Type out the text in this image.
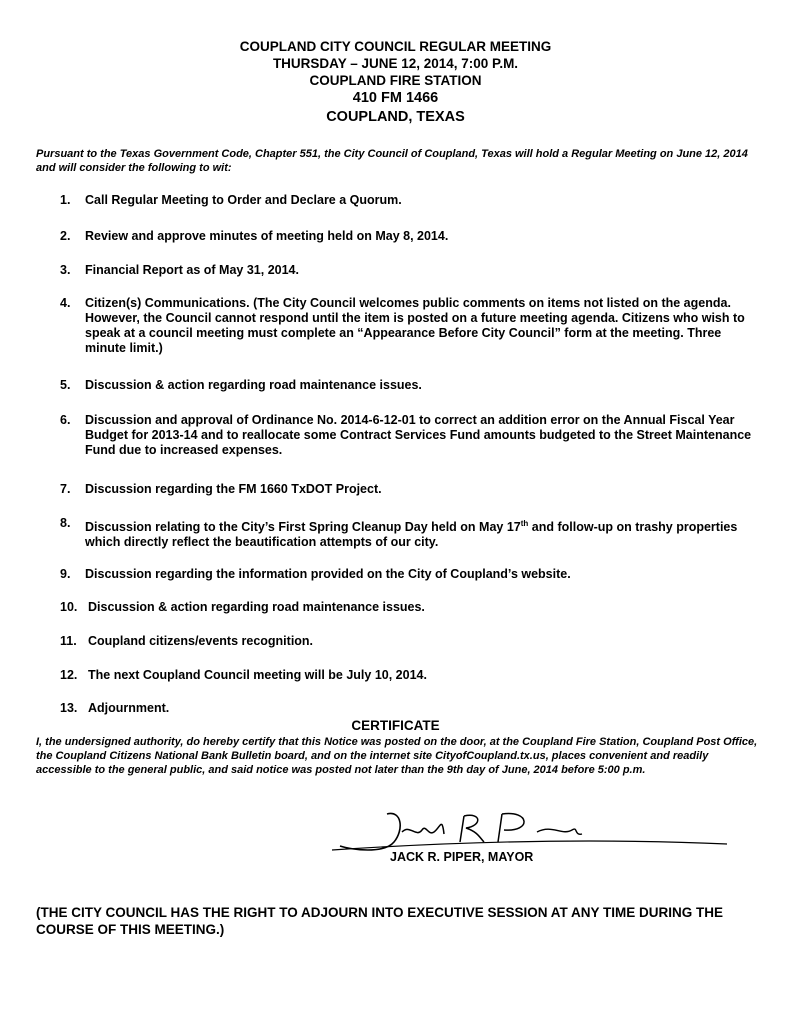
COUPLAND CITY COUNCIL REGULAR MEETING
THURSDAY – JUNE 12, 2014, 7:00 P.M.
COUPLAND FIRE STATION
410 FM 1466
COUPLAND, TEXAS
Pursuant to the Texas Government Code, Chapter 551, the City Council of Coupland, Texas will hold a Regular Meeting on June 12, 2014 and will consider the following to wit:
1.	Call Regular Meeting to Order and Declare a Quorum.
2.	Review and approve minutes of meeting held on May 8, 2014.
3.	Financial Report as of May 31, 2014.
4.	Citizen(s) Communications. (The City Council welcomes public comments on items not listed on the agenda. However, the Council cannot respond until the item is posted on a future meeting agenda. Citizens who wish to speak at a council meeting must complete an “Appearance Before City Council” form at the meeting. Three minute limit.)
5.	Discussion & action regarding road maintenance issues.
6.	Discussion and approval of Ordinance No. 2014-6-12-01 to correct an addition error on the Annual Fiscal Year Budget for 2013-14 and to reallocate some Contract Services Fund amounts budgeted to the Street Maintenance Fund due to increased expenses.
7.	Discussion regarding the FM 1660 TxDOT Project.
8.	Discussion relating to the City’s First Spring Cleanup Day held on May 17th and follow-up on trashy properties which directly reflect the beautification attempts of our city.
9.	Discussion regarding the information provided on the City of Coupland’s website.
10. Discussion & action regarding road maintenance issues.
11. Coupland citizens/events recognition.
12. The next Coupland Council meeting will be July 10, 2014.
13. Adjournment.
CERTIFICATE
I, the undersigned authority, do hereby certify that this Notice was posted on the door, at the Coupland Fire Station, Coupland Post Office, the Coupland Citizens National Bank Bulletin board, and on the internet site CityofCoupland.tx.us, places convenient and readily accessible to the general public, and said notice was posted not later than the 9th day of June, 2014 before 5:00 p.m.
JACK R. PIPER, MAYOR
(THE CITY COUNCIL HAS THE RIGHT TO ADJOURN INTO EXECUTIVE SESSION AT ANY TIME DURING THE COURSE OF THIS MEETING.)
